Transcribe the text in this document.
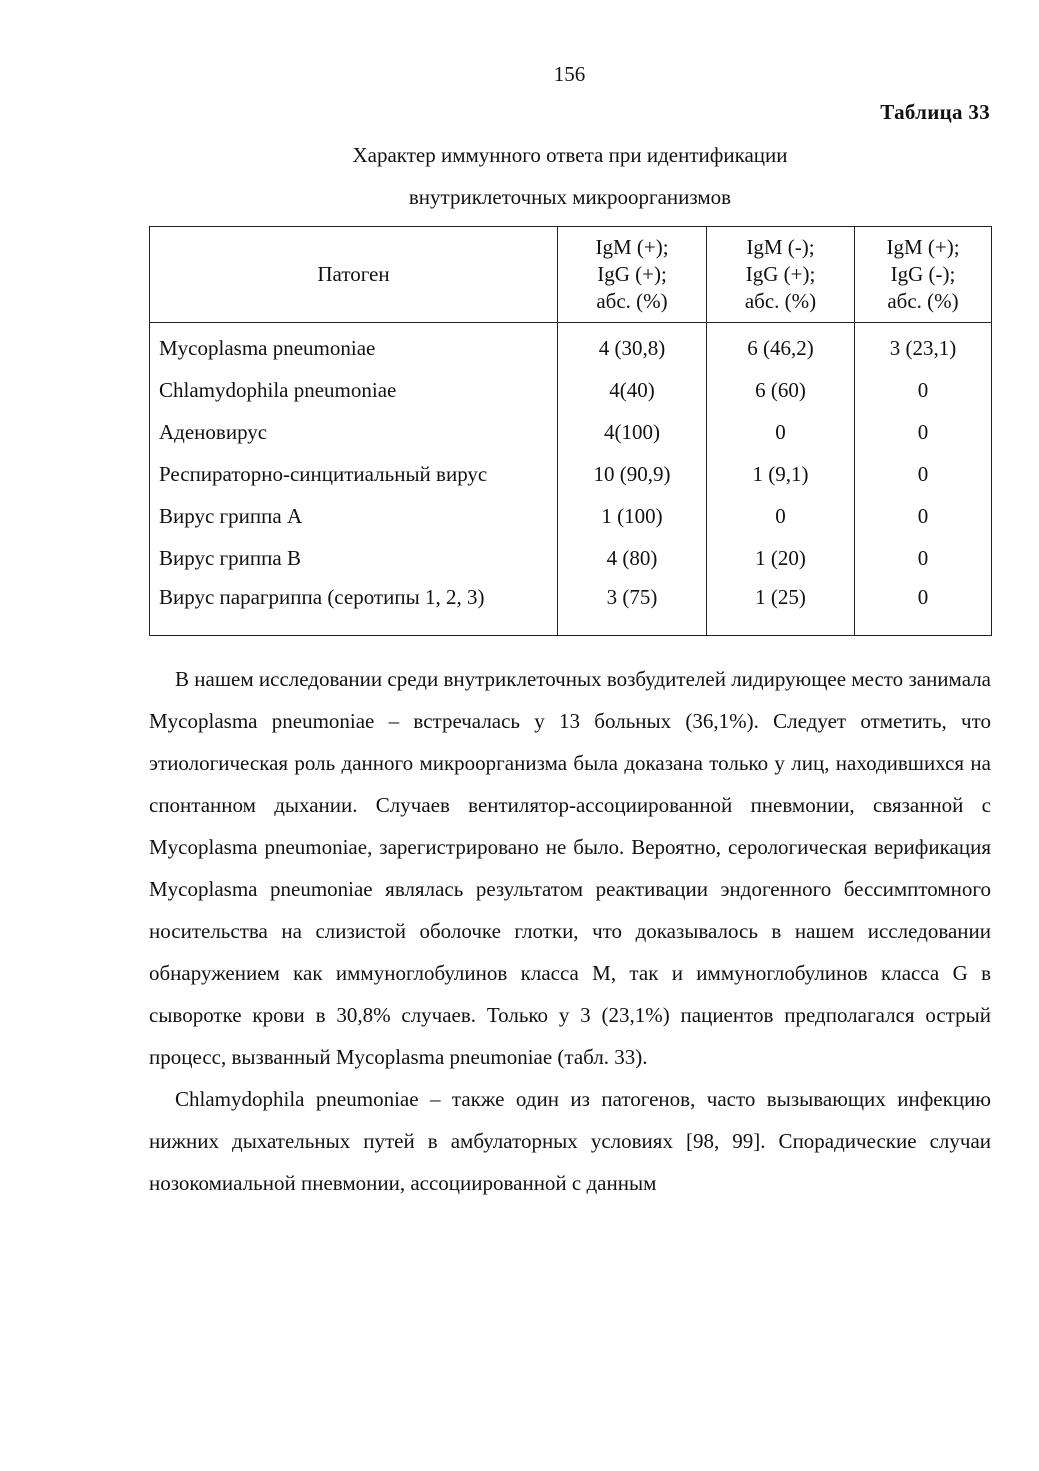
156
Таблица 33
Характер иммунного ответа при идентификации
внутриклеточных микроорганизмов
Патоген	IgM (+);
IgG (+);
абс. (%)	IgM (-);
IgG (+);
абс. (%)	IgM (+);
IgG (-);
абс. (%)

Mycoplasma pneumoniae	4 (30,8)	6 (46,2)	3 (23,1)
Chlamydophila pneumoniae	4(40)	6 (60)	0
Аденовирус	4(100)	0	0
Респираторно-синцитиальный вирус	10 (90,9)	1 (9,1)	0
Вирус гриппа А	1 (100)	0	0
Вирус гриппа В	4 (80)	1 (20)	0
Вирус парагриппа (серотипы 1, 2, 3)	3 (75)	1 (25)	0

В нашем исследовании среди внутриклеточных возбудителей лидирующее место занимала Mycoplasma pneumoniae – встречалась у 13 больных (36,1%). Следует отметить, что этиологическая роль данного микроорганизма была доказана только у лиц, находившихся на спонтанном дыхании. Случаев вентилятор-ассоциированной пневмонии, связанной с Mycoplasma pneumoniae, зарегистрировано не было. Вероятно, серологическая верификация Mycoplasma pneumoniae являлась результатом реактивации эндогенного бессимптомного носительства на слизистой оболочке глотки, что доказывалось в нашем исследовании обнаружением как иммуноглобулинов класса M, так и иммуноглобулинов класса G в сыворотке крови в 30,8% случаев. Только у 3 (23,1%) пациентов предполагался острый процесс, вызванный Mycoplasma pneumoniae (табл. 33).

Chlamydophila pneumoniae – также один из патогенов, часто вызывающих инфекцию нижних дыхательных путей в амбулаторных условиях [98, 99]. Спорадические случаи нозокомиальной пневмонии, ассоциированной с данным
